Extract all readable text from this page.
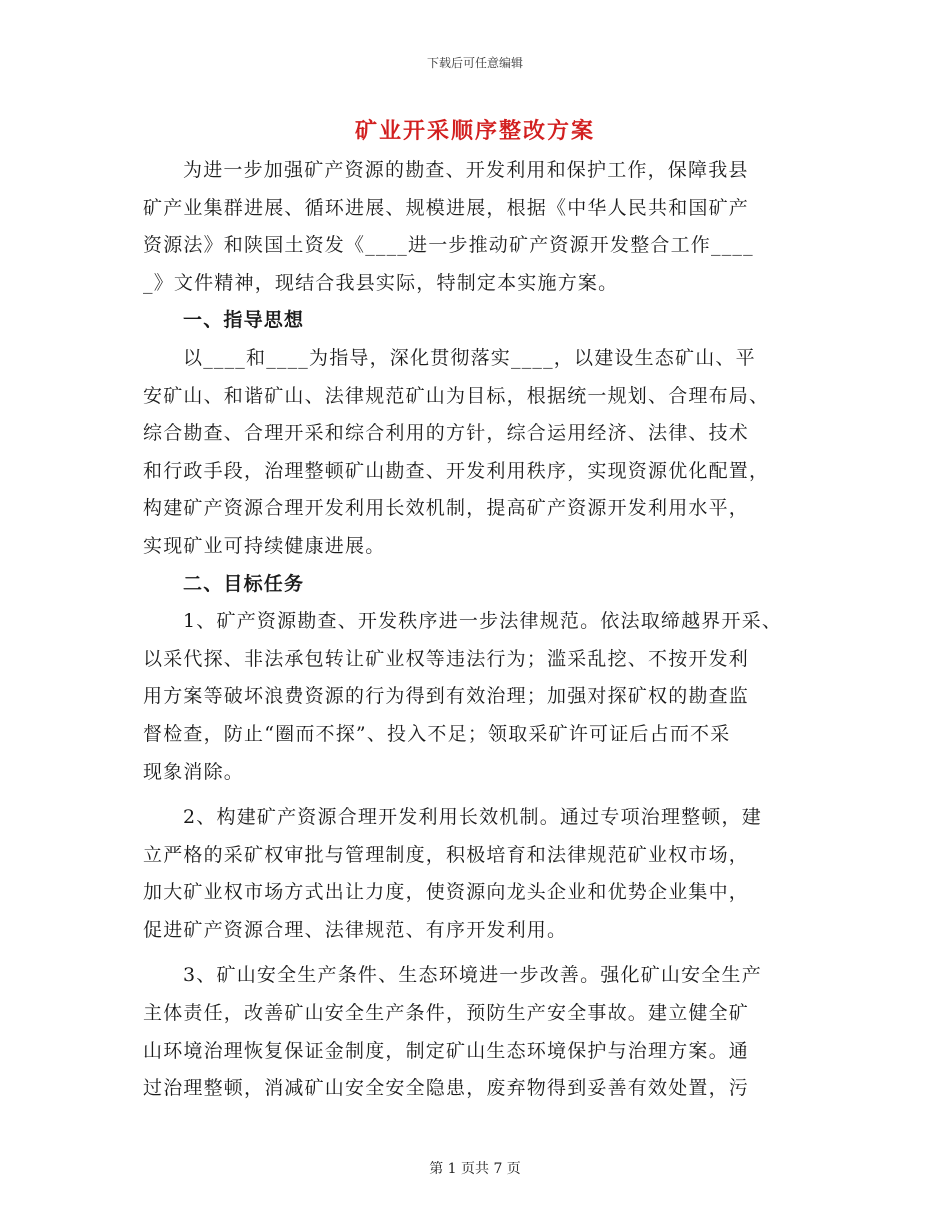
下载后可任意编辑
矿业开采顺序整改方案
为进一步加强矿产资源的勘查、开发利用和保护工作，保障我县
矿产业集群进展、循环进展、规模进展，根据《中华人民共和国矿产
资源法》和陕国土资发《____进一步推动矿产资源开发整合工作____
_》文件精神，现结合我县实际，特制定本实施方案。
一、指导思想
以____和____为指导，深化贯彻落实____，以建设生态矿山、平
安矿山、和谐矿山、法律规范矿山为目标，根据统一规划、合理布局、
综合勘查、合理开采和综合利用的方针，综合运用经济、法律、技术
和行政手段，治理整顿矿山勘查、开发利用秩序，实现资源优化配置，
构建矿产资源合理开发利用长效机制，提高矿产资源开发利用水平，
实现矿业可持续健康进展。
二、目标任务
1、矿产资源勘查、开发秩序进一步法律规范。依法取缔越界开采、
以采代探、非法承包转让矿业权等违法行为；滥采乱挖、不按开发利
用方案等破坏浪费资源的行为得到有效治理；加强对探矿权的勘查监
督检查，防止“圈而不探”、投入不足；领取采矿许可证后占而不采
现象消除。
2、构建矿产资源合理开发利用长效机制。通过专项治理整顿，建
立严格的采矿权审批与管理制度，积极培育和法律规范矿业权市场，
加大矿业权市场方式出让力度，使资源向龙头企业和优势企业集中，
促进矿产资源合理、法律规范、有序开发利用。
3、矿山安全生产条件、生态环境进一步改善。强化矿山安全生产
主体责任，改善矿山安全生产条件，预防生产安全事故。建立健全矿
山环境治理恢复保证金制度，制定矿山生态环境保护与治理方案。通
过治理整顿，消减矿山安全安全隐患，废弃物得到妥善有效处置，污
第 1 页共 7 页
